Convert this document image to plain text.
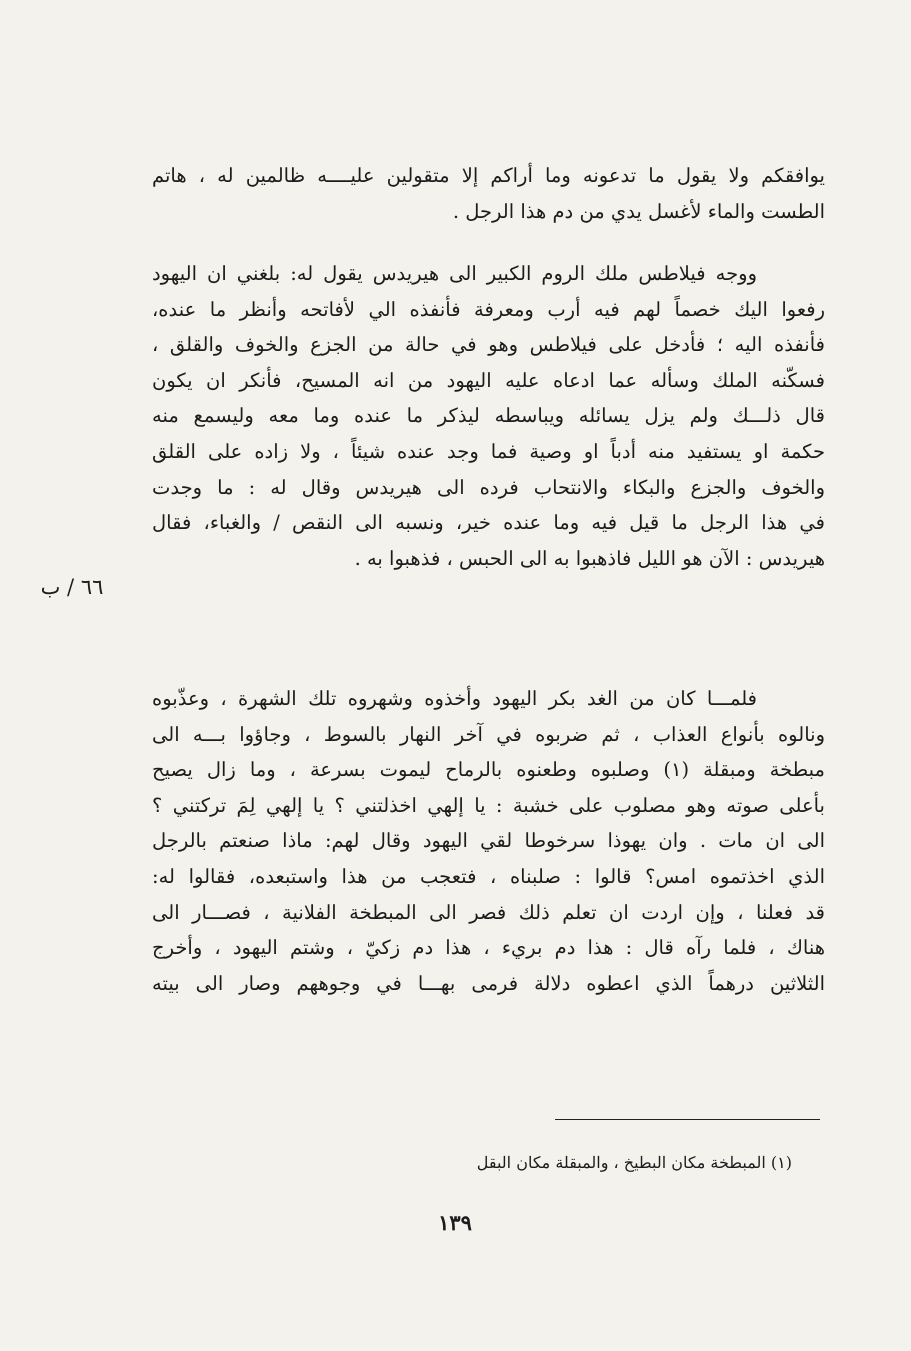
يوافقكم ولا يقول ما تدعونه وما أراكم إلا متقولين عليــــه ظالمين له ، هاتم
الطست والماء لأغسل يدي من دم هذا الرجل .
ووجه فيلاطس ملك الروم الكبير الى هيريدس يقول له: بلغني ان اليهود
رفعوا اليك خصماً لهم فيه أرب ومعرفة فأنفذه الي لأفاتحه وأنظر ما عنده،
فأنفذه اليه ؛ فأدخل على فيلاطس وهو في حالة من الجزع والخوف والقلق ،
فسكّنه الملك وسأله عما ادعاه عليه اليهود من انه المسيح، فأنكر ان يكون
قال ذلـــك ولم يزل يسائله ويباسطه ليذكر ما عنده وما معه وليسمع منه
حكمة او يستفيد منه أدباً او وصية فما وجد عنده شيئاً ، ولا زاده على القلق
والخوف والجزع والبكاء والانتحاب فرده الى هيريدس وقال له : ما وجدت
في هذا الرجل ما قيل فيه وما عنده خير، ونسبه الى النقص / والغباء، فقال
هيريدس : الآن هو الليل فاذهبوا به الى الحبس ، فذهبوا به .
٦٦ / ب
فلمـــا كان من الغد بكر اليهود وأخذوه وشهروه تلك الشهرة ، وعذّبوه
ونالوه بأنواع العذاب ، ثم ضربوه في آخر النهار بالسوط ، وجاؤوا بـــه الى
مبطخة ومبقلة (١) وصلبوه وطعنوه بالرماح ليموت بسرعة ، وما زال يصيح
بأعلى صوته وهو مصلوب على خشبة : يا إلهي اخذلتني ؟ يا إلهي لِمَ تركتني ؟
الى ان مات . وان يهوذا سرخوطا لقي اليهود وقال لهم: ماذا صنعتم بالرجل
الذي اخذتموه امس؟ قالوا : صلبناه ، فتعجب من هذا واستبعده، فقالوا له:
قد فعلنا ، وإن اردت ان تعلم ذلك فصر الى المبطخة الفلانية ، فصـــار الى
هناك ، فلما رآه قال : هذا دم بريء ، هذا دم زكيّ ، وشتم اليهود ، وأخرج
الثلاثين درهماً الذي اعطوه دلالة فرمى بهـــا في وجوههم وصار الى بيته
(١) المبطخة مكان البطيخ ، والمبقلة مكان البقل
١٣٩
